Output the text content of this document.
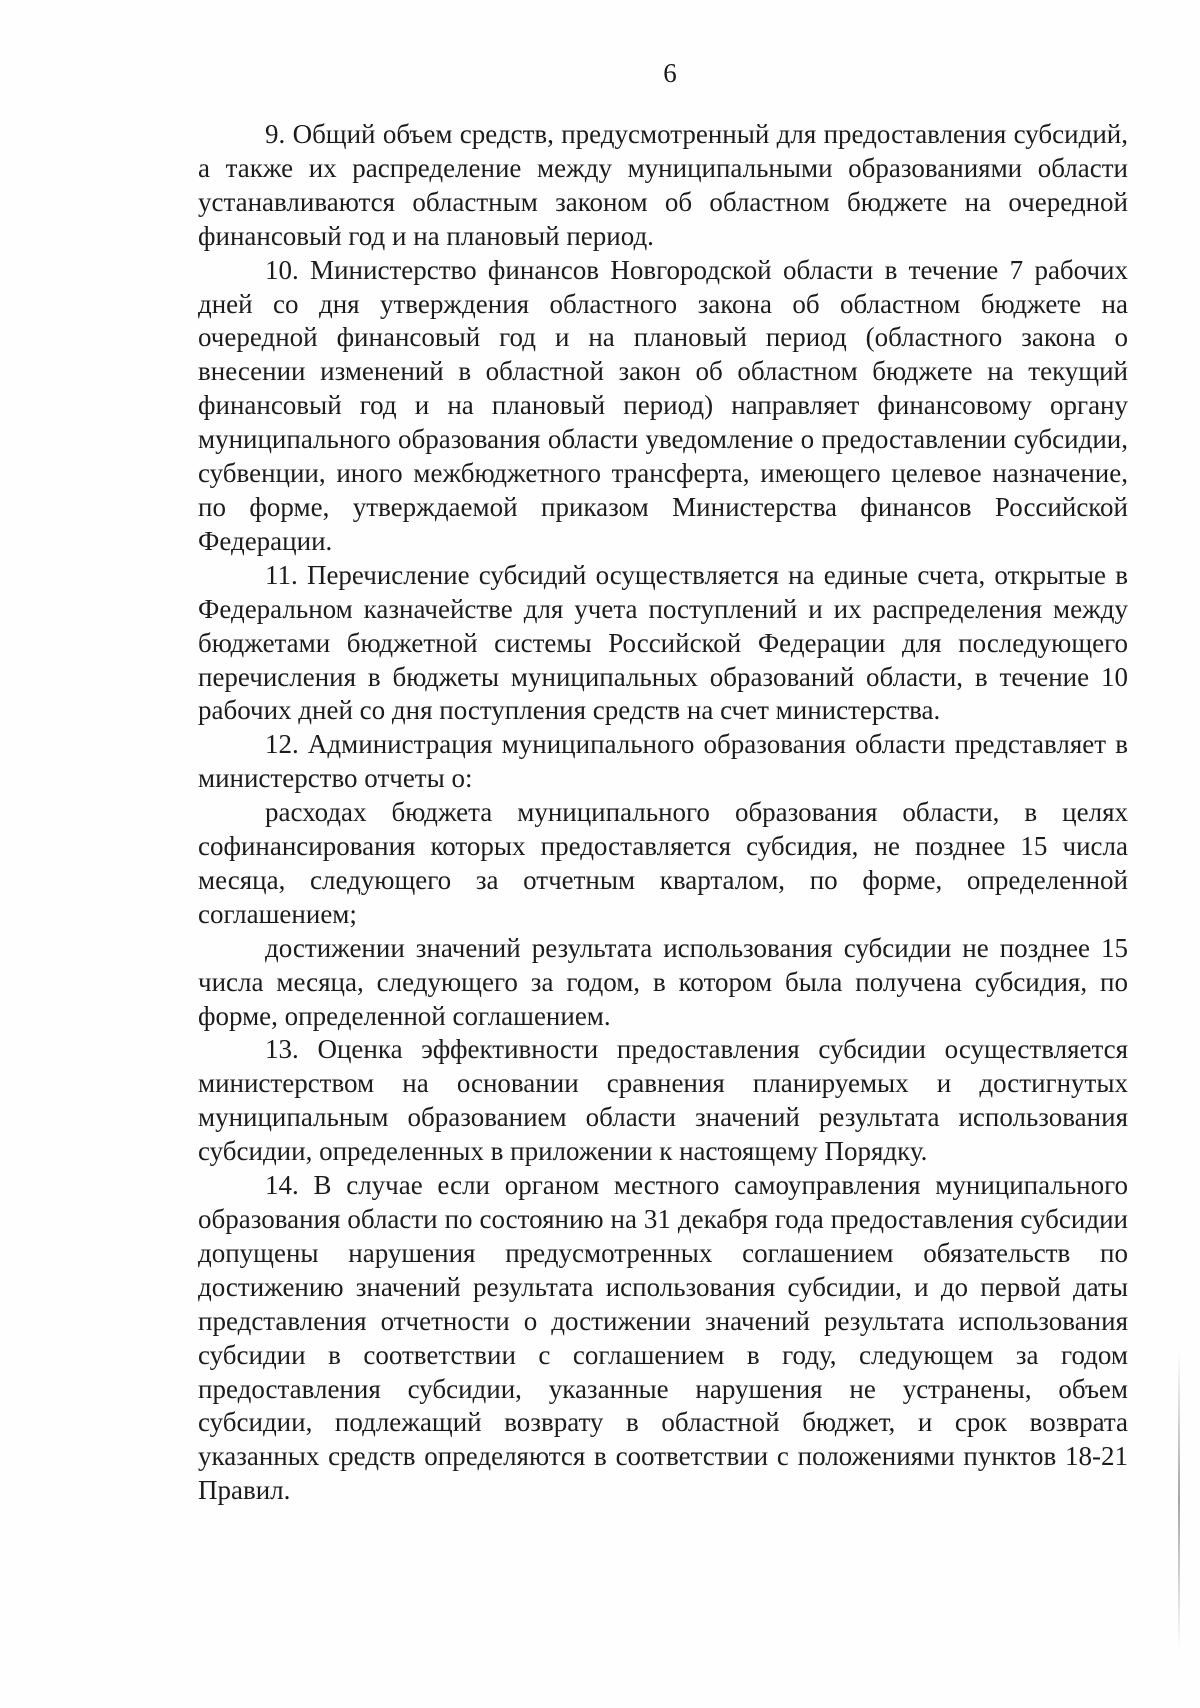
6

9. Общий объем средств, предусмотренный для предоставления субсидий, а также их распределение между муниципальными образованиями области устанавливаются областным законом об областном бюджете на очередной финансовый год и на плановый период.

10. Министерство финансов Новгородской области в течение 7 рабочих дней со дня утверждения областного закона об областном бюджете на очередной финансовый год и на плановый период (областного закона о внесении изменений в областной закон об областном бюджете на текущий финансовый год и на плановый период) направляет финансовому органу муниципального образования области уведомление о предоставлении субсидии, субвенции, иного межбюджетного трансферта, имеющего целевое назначение, по форме, утверждаемой приказом Министерства финансов Российской Федерации.

11. Перечисление субсидий осуществляется на единые счета, открытые в Федеральном казначействе для учета поступлений и их распределения между бюджетами бюджетной системы Российской Федерации для последующего перечисления в бюджеты муниципальных образований области, в течение 10 рабочих дней со дня поступления средств на счет министерства.

12. Администрация муниципального образования области представляет в министерство отчеты о:

расходах бюджета муниципального образования области, в целях софинансирования которых предоставляется субсидия, не позднее 15 числа месяца, следующего за отчетным кварталом, по форме, определенной соглашением;

достижении значений результата использования субсидии не позднее 15 числа месяца, следующего за годом, в котором была получена субсидия, по форме, определенной соглашением.

13. Оценка эффективности предоставления субсидии осуществляется министерством на основании сравнения планируемых и достигнутых муниципальным образованием области значений результата использования субсидии, определенных в приложении к настоящему Порядку.

14. В случае если органом местного самоуправления муниципального образования области по состоянию на 31 декабря года предоставления субсидии допущены нарушения предусмотренных соглашением обязательств по достижению значений результата использования субсидии, и до первой даты представления отчетности о достижении значений результата использования субсидии в соответствии с соглашением в году, следующем за годом предоставления субсидии, указанные нарушения не устранены, объем субсидии, подлежащий возврату в областной бюджет, и срок возврата указанных средств определяются в соответствии с положениями пунктов 18-21 Правил.
